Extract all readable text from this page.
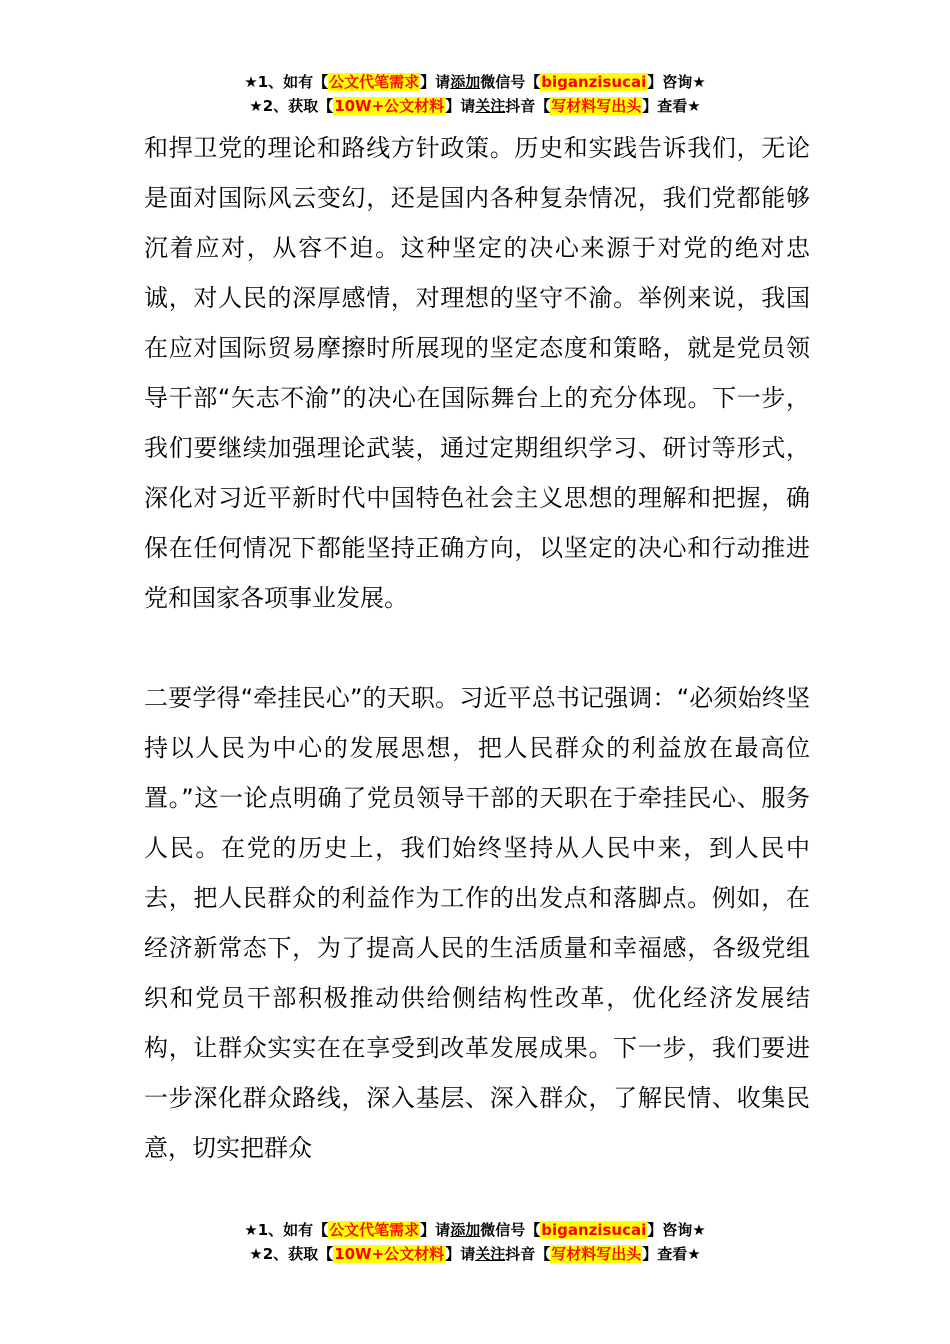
★1、如有【公文代笔需求】请添加微信号【biganzisucai】咨询★
★2、获取【10W+公文材料】请关注抖音【写材料写出头】查看★

和捍卫党的理论和路线方针政策。历史和实践告诉我们，无论是面对国际风云变幻，还是国内各种复杂情况，我们党都能够沉着应对，从容不迫。这种坚定的决心来源于对党的绝对忠诚，对人民的深厚感情，对理想的坚守不渝。举例来说，我国在应对国际贸易摩擦时所展现的坚定态度和策略，就是党员领导干部“矢志不渝”的决心在国际舞台上的充分体现。下一步，我们要继续加强理论武装，通过定期组织学习、研讨等形式，深化对习近平新时代中国特色社会主义思想的理解和把握，确保在任何情况下都能坚持正确方向，以坚定的决心和行动推进党和国家各项事业发展。

二要学得“牵挂民心”的天职。习近平总书记强调：“必须始终坚持以人民为中心的发展思想，把人民群众的利益放在最高位置。”这一论点明确了党员领导干部的天职在于牵挂民心、服务人民。在党的历史上，我们始终坚持从人民中来，到人民中去，把人民群众的利益作为工作的出发点和落脚点。例如，在经济新常态下，为了提高人民的生活质量和幸福感，各级党组织和党员干部积极推动供给侧结构性改革，优化经济发展结构，让群众实实在在享受到改革发展成果。下一步，我们要进一步深化群众路线，深入基层、深入群众，了解民情、收集民意，切实把群众

★1、如有【公文代笔需求】请添加微信号【biganzisucai】咨询★
★2、获取【10W+公文材料】请关注抖音【写材料写出头】查看★
